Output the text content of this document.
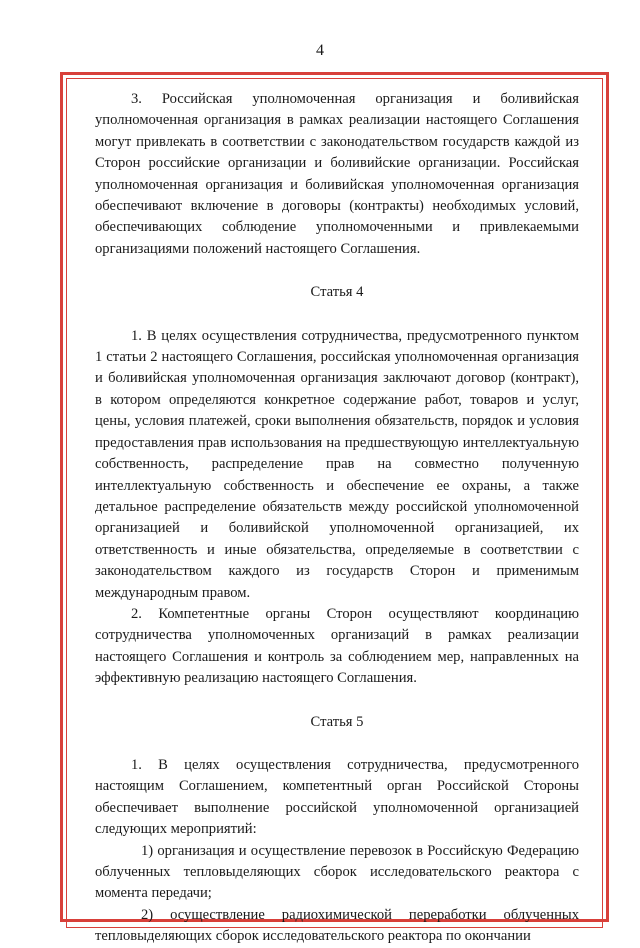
4

3. Российская уполномоченная организация и боливийская уполномоченная организация в рамках реализации настоящего Соглашения могут привлекать в соответствии с законодательством государств каждой из Сторон российские организации и боливийские организации. Российская уполномоченная организация и боливийская уполномоченная организация обеспечивают включение в договоры (контракты) необходимых условий, обеспечивающих соблюдение уполномоченными и привлекаемыми организациями положений настоящего Соглашения.

Статья 4

1. В целях осуществления сотрудничества, предусмотренного пунктом 1 статьи 2 настоящего Соглашения, российская уполномоченная организация и боливийская уполномоченная организация заключают договор (контракт), в котором определяются конкретное содержание работ, товаров и услуг, цены, условия платежей, сроки выполнения обязательств, порядок и условия предоставления прав использования на предшествующую интеллектуальную собственность, распределение прав на совместно полученную интеллектуальную собственность и обеспечение ее охраны, а также детальное распределение обязательств между российской уполномоченной организацией и боливийской уполномоченной организацией, их ответственность и иные обязательства, определяемые в соответствии с законодательством каждого из государств Сторон и применимым международным правом.

2. Компетентные органы Сторон осуществляют координацию сотрудничества уполномоченных организаций в рамках реализации настоящего Соглашения и контроль за соблюдением мер, направленных на эффективную реализацию настоящего Соглашения.

Статья 5

1. В целях осуществления сотрудничества, предусмотренного настоящим Соглашением, компетентный орган Российской Стороны обеспечивает выполнение российской уполномоченной организацией следующих мероприятий:

1) организация и осуществление перевозок в Российскую Федерацию облученных тепловыделяющих сборок исследовательского реактора с момента передачи;

2) осуществление радиохимической переработки облученных тепловыделяющих сборок исследовательского реактора по окончании
